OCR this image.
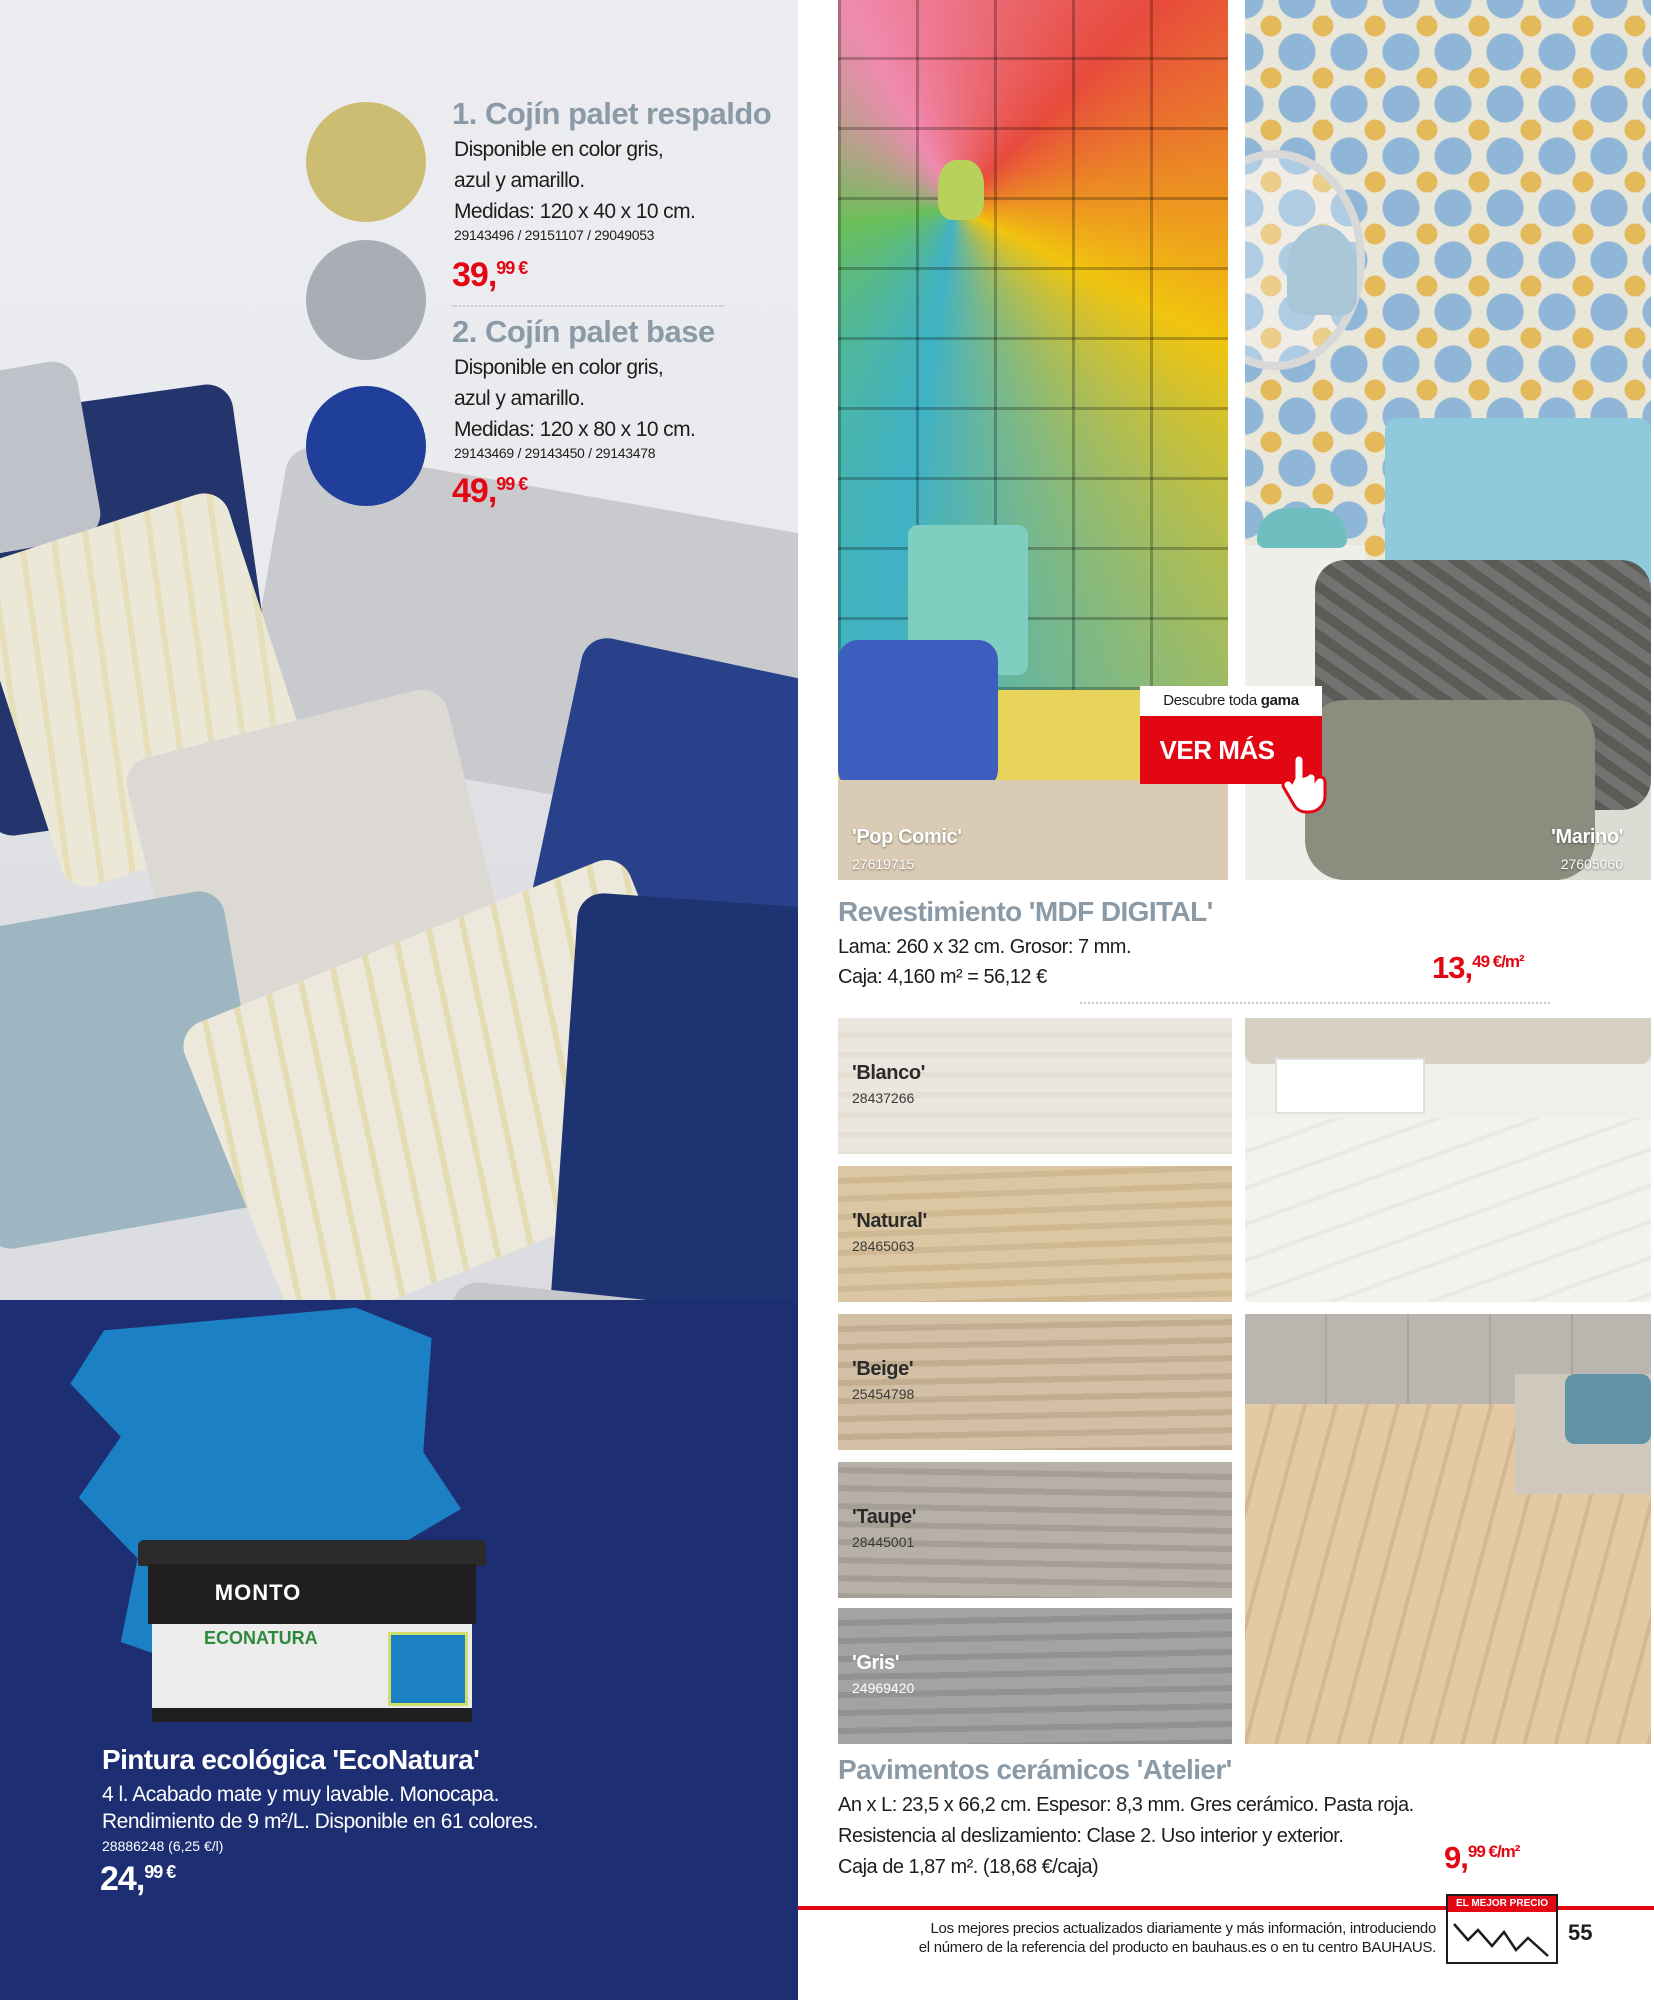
MONTO
ECONATURA
1. Cojín palet respaldo
Disponible en color gris,
azul y amarillo.
Medidas: 120 x 40 x 10 cm.
29143496 / 29151107 / 29049053
39,$^{99 €}$
2. Cojín palet base
Disponible en color gris,
azul y amarillo.
Medidas: 120 x 80 x 10 cm.
29143469 / 29143450 / 29143478
49,$^{99 €}$
Pintura ecológica 'EcoNatura'
4 l. Acabado mate y muy lavable. Monocapa.
Rendimiento de 9 m²/L. Disponible en 61 colores.
28886248 (6,25 €/l)
24,$^{99 €}$
'Pop Comic'
27619715
'Marino'
27605060
Descubre toda gama
VER MÁS
Revestimiento 'MDF DIGITAL'
Lama: 260 x 32 cm. Grosor: 7 mm.
Caja: 4,160 m² = 56,12 €	13,$^{49 €/m^2}$
'Blanco'
28437266
'Natural'
28465063
'Beige'
25454798
'Taupe'
28445001
'Gris'
24969420
Pavimentos cerámicos 'Atelier'
An x L: 23,5 x 66,2 cm. Espesor: 8,3 mm. Gres cerámico. Pasta roja.
Resistencia al deslizamiento: Clase 2. Uso interior y exterior.
Caja de 1,87 m². (18,68 €/caja)	9,$^{99 €/m^2}$
EL MEJOR PRECIO
Los mejores precios actualizados diariamente y más información, introduciendo
el número de la referencia del producto en bauhaus.es o en tu centro BAUHAUS.
55
